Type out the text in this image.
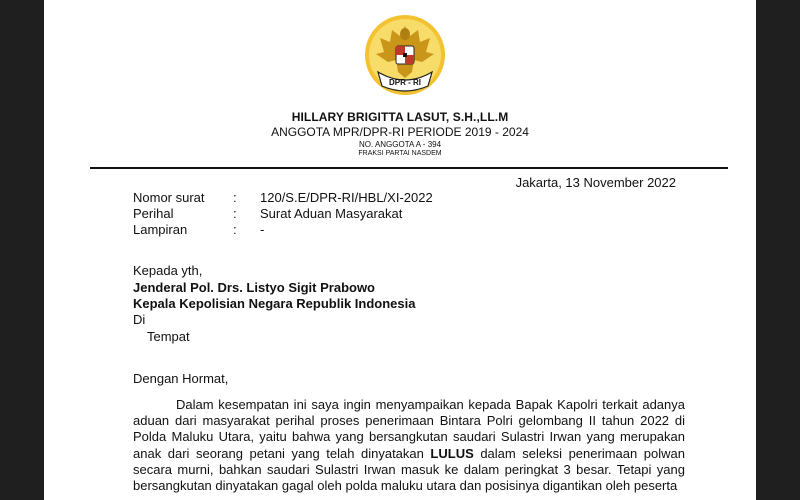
DPR - RI
HILLARY BRIGITTA LASUT, S.H.,LL.M
ANGGOTA MPR/DPR-RI PERIODE 2019 - 2024
NO. ANGGOTA A - 394
FRAKSI PARTAI NASDEM
Jakarta, 13 November 2022
Nomor surat : 120/S.E/DPR-RI/HBL/XI-2022
Perihal	: Surat Aduan Masyarakat
Lampiran	: -
Kepada yth,
Jenderal Pol. Drs. Listyo Sigit Prabowo
Kepala Kepolisian Negara Republik Indonesia
Di
Tempat
Dengan Hormat,
Dalam kesempatan ini saya ingin menyampaikan kepada Bapak Kapolri terkait adanya aduan dari masyarakat perihal proses penerimaan Bintara Polri gelombang II tahun 2022 di Polda Maluku Utara, yaitu bahwa yang bersangkutan saudari Sulastri Irwan yang merupakan anak dari seorang petani yang telah dinyatakan LULUS dalam seleksi penerimaan polwan secara murni, bahkan saudari Sulastri Irwan masuk ke dalam peringkat 3 besar. Tetapi yang bersangkutan dinyatakan gagal oleh polda maluku utara dan posisinya digantikan oleh peserta
